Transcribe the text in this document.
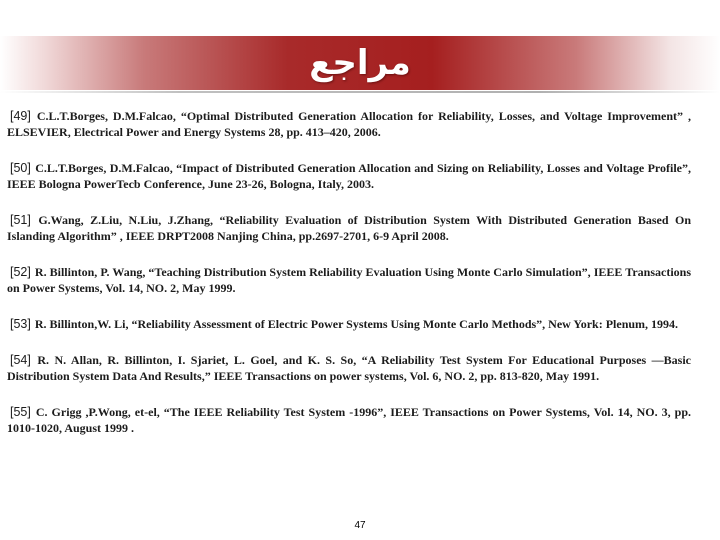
مراجع

[49] C.L.T.Borges, D.M.Falcao, “Optimal Distributed Generation Allocation for Reliability, Losses, and Voltage Improvement” , ELSEVIER, Electrical Power and Energy Systems 28, pp. 413–420, 2006.

[50] C.L.T.Borges, D.M.Falcao, “Impact of Distributed Generation Allocation and Sizing on Reliability, Losses and Voltage Profile”, IEEE Bologna PowerTecb Conference, June 23-26, Bologna, Italy, 2003.

[51] G.Wang, Z.Liu, N.Liu, J.Zhang, “Reliability Evaluation of Distribution System With Distributed Generation Based On Islanding Algorithm” , IEEE DRPT2008 Nanjing China, pp.2697-2701, 6-9 April 2008.

[52] R. Billinton, P. Wang, “Teaching Distribution System Reliability Evaluation Using Monte Carlo Simulation”, IEEE Transactions on Power Systems, Vol. 14, NO. 2, May 1999.

[53] R. Billinton,W. Li, “Reliability Assessment of Electric Power Systems Using Monte Carlo Methods”, New York: Plenum, 1994.

[54] R. N. Allan, R. Billinton, I. Sjariet, L. Goel, and K. S. So, “A Reliability Test System For Educational Purposes —Basic Distribution System Data And Results,” IEEE Transactions on power systems, Vol. 6, NO. 2, pp. 813-820, May 1991.

[55] C. Grigg ,P.Wong, et-el, “The IEEE Reliability Test System -1996”, IEEE Transactions on Power Systems, Vol. 14, NO. 3, pp. 1010-1020, August 1999 .

47
